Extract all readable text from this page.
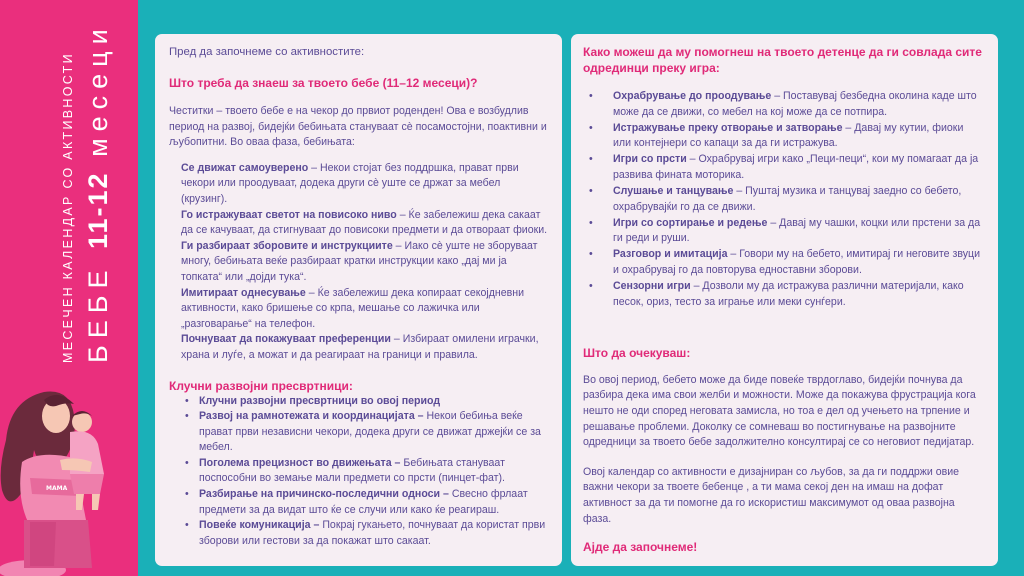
МЕСЕЧЕН КАЛЕНДАР СО АКТИВНОСТИ БЕБЕ 11-12 месеци
MAMA

Пред да започнеме со активностите:

Што треба да знаеш за твоето бебе (11–12 месеци)?

Честитки – твоето бебе е на чекор до првиот роденден! Ова е возбудлив период на развој, бидејќи бебињата стануваат сè посамостојни, поактивни и љубопитни. Во оваа фаза, бебињата:

Се движат самоуверено – Некои стојат без поддршка, прават први чекори или проодуваат, додека други сè уште се држат за мебел (крузинг).

Го истражуваат светот на повисоко ниво – Ќе забележиш дека сакаат да се качуваат, да стигнуваат до повисоки предмети и да отвораат фиоки.

Ги разбираат зборовите и инструкциите – Иако сè уште не зборуваат многу, бебињата веќе разбираат кратки инструкции како „дај ми ја топката“ или „дојди тука“.

Имитираат однесување – Ќе забележиш дека копираат секојдневни активности, како бришење со крпа, мешање со лажичка или „разговарање“ на телефон.

Почнуваат да покажуваат преференции – Избираат омилени играчки, храна и луѓе, а можат и да реагираат на граници и правила.

Клучни развојни пресвртници:

• Клучни развојни пресвртници во овој период
• Развој на рамнотежата и координацијата – Некои бебиња веќе прават први независни чекори, додека други се движат држејќи се за мебел.
• Поголема прецизност во движењата – Бебињата стануваат поспособни во земање мали предмети со прсти (пинцет-фат).
• Разбирање на причинско-последични односи – Свесно фрлаат предмети за да видат што ќе се случи или како ќе реагираш.
• Повеќе комуникација – Покрај гукањето, почнуваат да користат први зборови или гестови за да покажат што сакаат.

Како можеш да му помогнеш на твоето детенце да ги совлада сите одрединци преку игра:

• Охрабрување до проодување – Поставувај безбедна околина каде што може да се движи, со мебел на кој може да се потпира.
• Истражување преку отворање и затворање – Давај му кутии, фиоки или контејнери со капаци за да ги истражува.
• Игри со прсти – Охрабрувај игри како „Пеци-пеци“, кои му помагаат да ја развива фината моторика.
• Слушање и танцување – Пуштај музика и танцувај заедно со бебето, охрабрувајќи го да се движи.
• Игри со сортирање и редење – Давај му чашки, коцки или прстени за да ги реди и руши.
• Разговор и имитација – Говори му на бебето, имитирај ги неговите звуци и охрабрувај го да повторува едноставни зборови.
• Сензорни игри – Дозволи му да истражува различни материјали, како песок, ориз, тесто за играње или меки сунѓери.

Што да очекуваш:

Во овој период, бебето може да биде повеќе тврдоглаво, бидејќи почнува да разбира дека има свои желби и можности. Може да покажува фрустрација кога нешто не оди според неговата замисла, но тоа е дел од учењето на трпение и решавање проблеми. Доколку се сомневаш во постигнување на развојните одредници за твоето бебе задолжително консултирај се со неговиот педијатар.

Овој календар со активности е дизајниран со љубов, за да ги поддржи овие важни чекори за твоете бебенце , а ти мама секој ден на имаш на дофат активност за да ти помогне да го искористиш максимумот од оваа развојна фаза.

Ајде да започнеме!
